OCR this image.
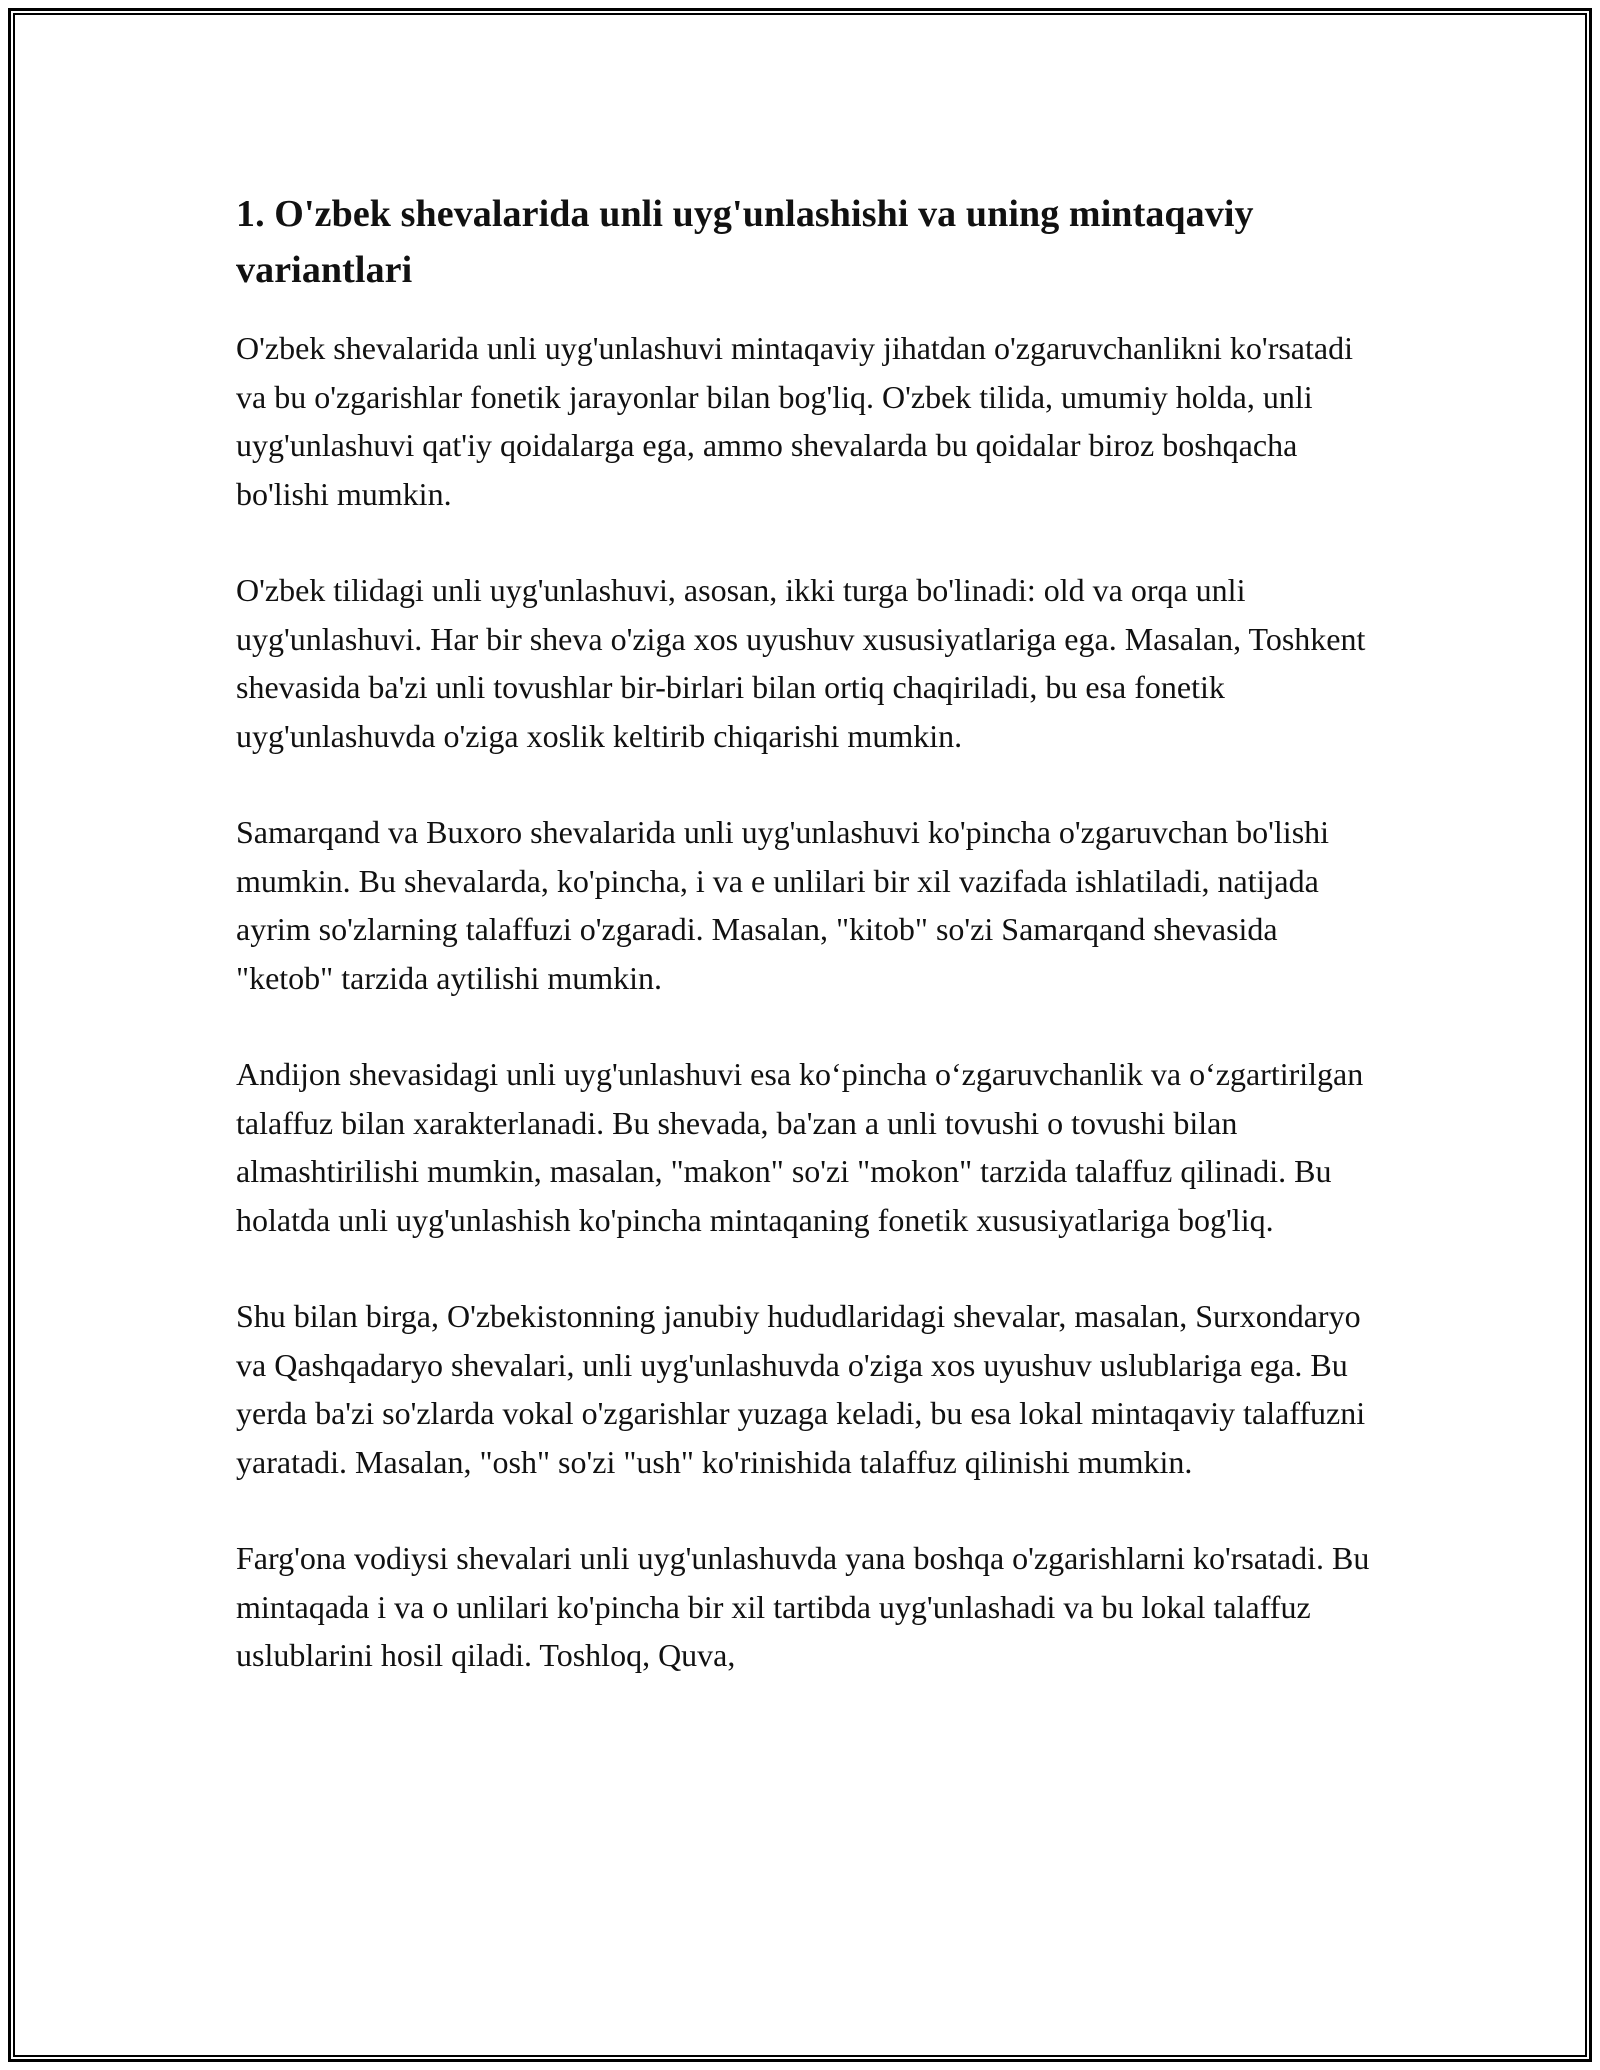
1. O'zbek shevalarida unli uyg'unlashishi va uning mintaqaviy variantlari

O'zbek shevalarida unli uyg'unlashuvi mintaqaviy jihatdan o'zgaruvchanlikni ko'rsatadi va bu o'zgarishlar fonetik jarayonlar bilan bog'liq. O'zbek tilida, umumiy holda, unli uyg'unlashuvi qat'iy qoidalarga ega, ammo shevalarda bu qoidalar biroz boshqacha bo'lishi mumkin.

O'zbek tilidagi unli uyg'unlashuvi, asosan, ikki turga bo'linadi: old va orqa unli uyg'unlashuvi. Har bir sheva o'ziga xos uyushuv xususiyatlariga ega. Masalan, Toshkent shevasida ba'zi unli tovushlar bir-birlari bilan ortiq chaqiriladi, bu esa fonetik uyg'unlashuvda o'ziga xoslik keltirib chiqarishi mumkin.

Samarqand va Buxoro shevalarida unli uyg'unlashuvi ko'pincha o'zgaruvchan bo'lishi mumkin. Bu shevalarda, ko'pincha, i va e unlilari bir xil vazifada ishlatiladi, natijada ayrim so'zlarning talaffuzi o'zgaradi. Masalan, "kitob" so'zi Samarqand shevasida "ketob" tarzida aytilishi mumkin.

Andijon shevasidagi unli uyg'unlashuvi esa ko‘pincha o‘zgaruvchanlik va o‘zgartirilgan talaffuz bilan xarakterlanadi. Bu shevada, ba'zan a unli tovushi o tovushi bilan almashtirilishi mumkin, masalan, "makon" so'zi "mokon" tarzida talaffuz qilinadi. Bu holatda unli uyg'unlashish ko'pincha mintaqaning fonetik xususiyatlariga bog'liq.

Shu bilan birga, O'zbekistonning janubiy hududlaridagi shevalar, masalan, Surxondaryo va Qashqadaryo shevalari, unli uyg'unlashuvda o'ziga xos uyushuv uslublariga ega. Bu yerda ba'zi so'zlarda vokal o'zgarishlar yuzaga keladi, bu esa lokal mintaqaviy talaffuzni yaratadi. Masalan, "osh" so'zi "ush" ko'rinishida talaffuz qilinishi mumkin.

Farg'ona vodiysi shevalari unli uyg'unlashuvda yana boshqa o'zgarishlarni ko'rsatadi. Bu mintaqada i va o unlilari ko'pincha bir xil tartibda uyg'unlashadi va bu lokal talaffuz uslublarini hosil qiladi. Toshloq, Quva,
